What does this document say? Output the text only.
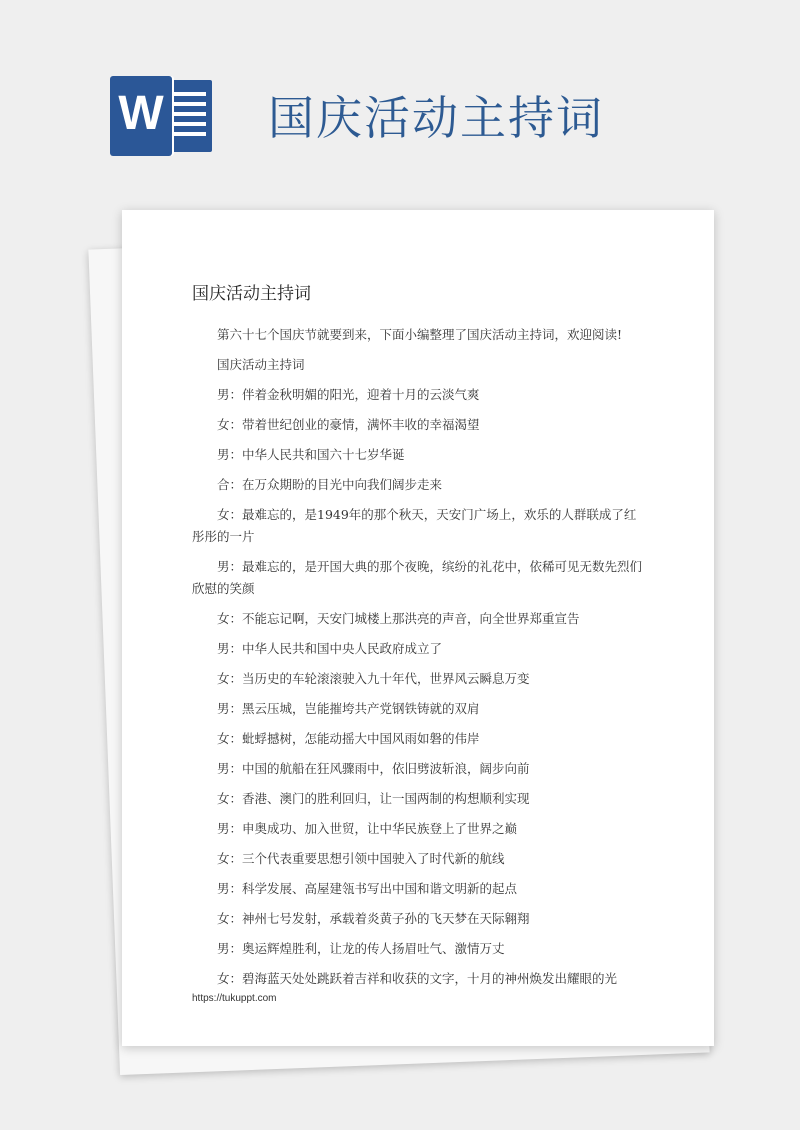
W 国庆活动主持词
国庆活动主持词
第六十七个国庆节就要到来，下面小编整理了国庆活动主持词，欢迎阅读!
国庆活动主持词
男：伴着金秋明媚的阳光，迎着十月的云淡气爽
女：带着世纪创业的豪情，满怀丰收的幸福渴望
男：中华人民共和国六十七岁华诞
合：在万众期盼的目光中向我们阔步走来
女：最难忘的，是1949年的那个秋天，天安门广场上，欢乐的人群联成了红彤彤的一片
男：最难忘的，是开国大典的那个夜晚，缤纷的礼花中，依稀可见无数先烈们欣慰的笑颜
女：不能忘记啊，天安门城楼上那洪亮的声音，向全世界郑重宣告
男：中华人民共和国中央人民政府成立了
女：当历史的车轮滚滚驶入九十年代，世界风云瞬息万变
男：黑云压城，岂能摧垮共产党钢铁铸就的双肩
女：蚍蜉撼树，怎能动摇大中国风雨如磐的伟岸
男：中国的航船在狂风骤雨中，依旧劈波斩浪，阔步向前
女：香港、澳门的胜利回归，让一国两制的构想顺利实现
男：申奥成功、加入世贸，让中华民族登上了世界之巅
女：三个代表重要思想引领中国驶入了时代新的航线
男：科学发展、高屋建瓴书写出中国和谐文明新的起点
女：神州七号发射，承载着炎黄子孙的飞天梦在天际翱翔
男：奥运辉煌胜利，让龙的传人扬眉吐气、激情万丈
女：碧海蓝天处处跳跃着吉祥和收获的文字，十月的神州焕发出耀眼的光
https://tukuppt.com
